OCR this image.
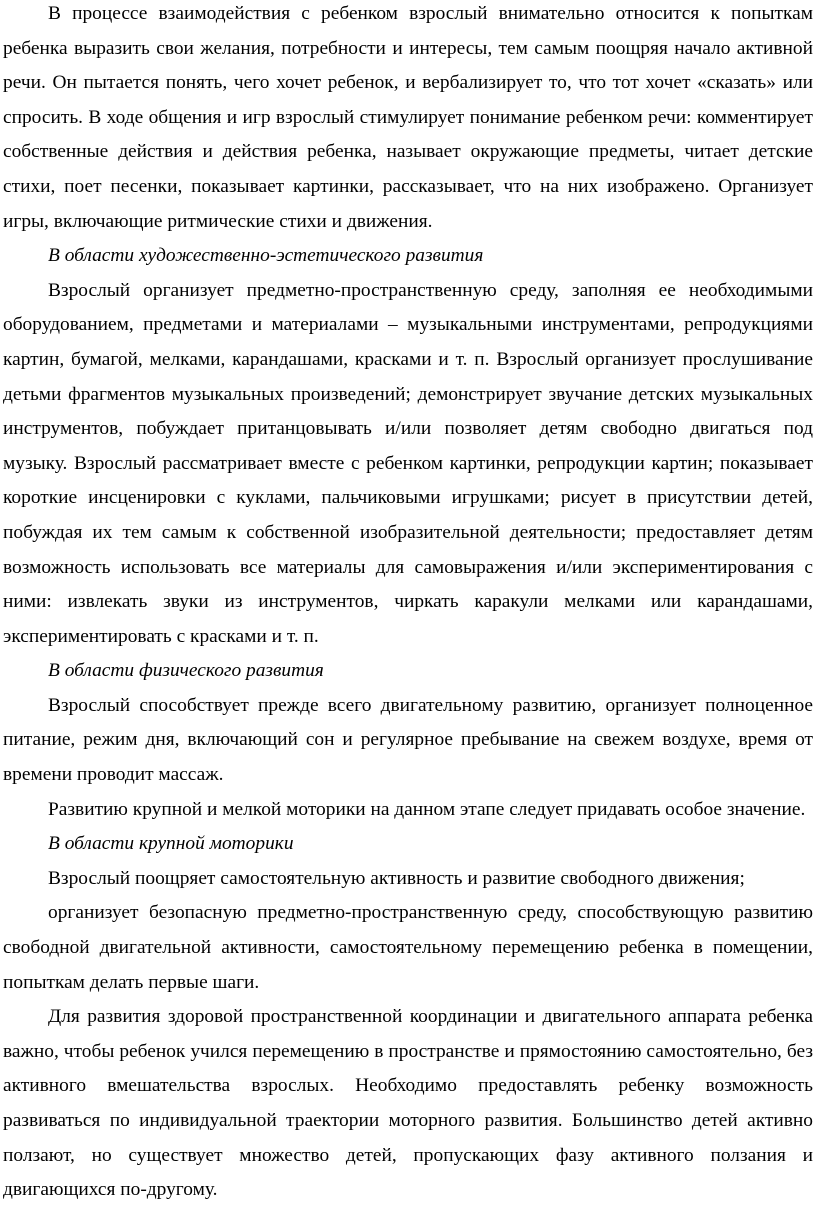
В процессе взаимодействия с ребенком взрослый внимательно относится к попыткам ребенка выразить свои желания, потребности и интересы, тем самым поощряя начало активной речи. Он пытается понять, чего хочет ребенок, и вербализирует то, что тот хочет «сказать» или спросить. В ходе общения и игр взрослый стимулирует понимание ребенком речи: комментирует собственные действия и действия ребенка, называет окружающие предметы, читает детские стихи, поет песенки, показывает картинки, рассказывает, что на них изображено. Организует игры, включающие ритмические стихи и движения.

В области художественно-эстетического развития

Взрослый организует предметно-пространственную среду, заполняя ее необходимыми оборудованием, предметами и материалами – музыкальными инструментами, репродукциями картин, бумагой, мелками, карандашами, красками и т. п. Взрослый организует прослушивание детьми фрагментов музыкальных произведений; демонстрирует звучание детских музыкальных инструментов, побуждает пританцовывать и/или позволяет детям свободно двигаться под музыку. Взрослый рассматривает вместе с ребенком картинки, репродукции картин; показывает короткие инсценировки с куклами, пальчиковыми игрушками; рисует в присутствии детей, побуждая их тем самым к собственной изобразительной деятельности; предоставляет детям возможность использовать все материалы для самовыражения и/или экспериментирования с ними: извлекать звуки из инструментов, чиркать каракули мелками или карандашами, экспериментировать с красками и т. п.

В области физического развития

Взрослый способствует прежде всего двигательному развитию, организует полноценное питание, режим дня, включающий сон и регулярное пребывание на свежем воздухе, время от времени проводит массаж.

Развитию крупной и мелкой моторики на данном этапе следует придавать особое значение.

В области крупной моторики

Взрослый поощряет самостоятельную активность и развитие свободного движения;

организует безопасную предметно-пространственную среду, способствующую развитию свободной двигательной активности, самостоятельному перемещению ребенка в помещении, попыткам делать первые шаги.

Для развития здоровой пространственной координации и двигательного аппарата ребенка важно, чтобы ребенок учился перемещению в пространстве и прямостоянию самостоятельно, без активного вмешательства взрослых. Необходимо предоставлять ребенку возможность развиваться по индивидуальной траектории моторного развития. Большинство детей активно ползают, но существует множество детей, пропускающих фазу активного ползания и двигающихся по-другому.
